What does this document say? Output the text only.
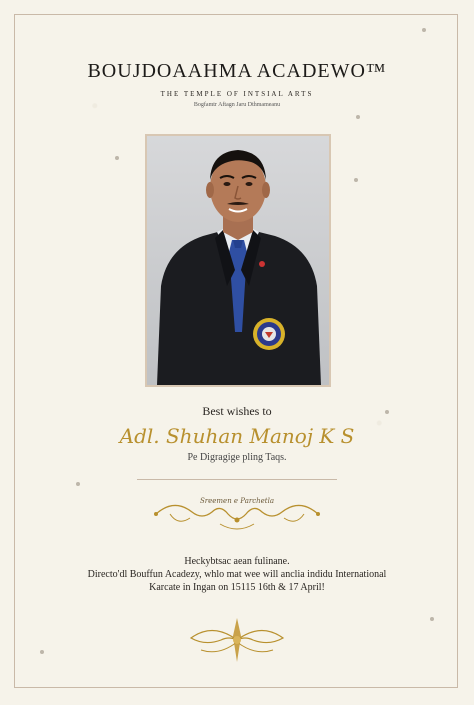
BOUJDOAAHMA ACADEWO™
THE TEMPLE OF INTSIAL ARTS
Bogfamtr Aftagn Jaru Dthmameanu
Best wishes to
Adl. Shuhan Manoj K S
Pe Digragige pling Taqs.
Sreemen e Parchetla
Heckybtsac aean fulinane.
Directo'dl Bouffun Acadezy, whlo mat wee will anclia indidu International
Karcate in Ingan on 15115 16th & 17 April!
